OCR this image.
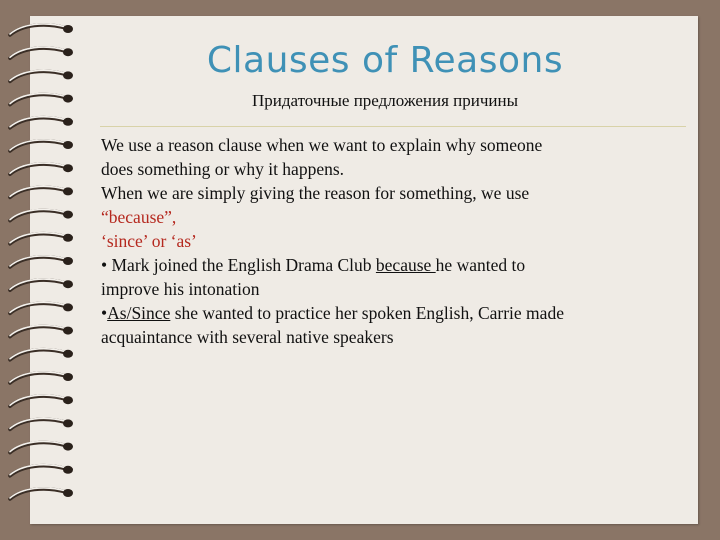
Clauses of Reasons
Придаточные предложения причины

We use a reason clause when we want to explain why someone

does something or why it happens.

When we are simply giving the reason for something, we use

“because”,

‘since’ or ‘as’

• Mark joined the English Drama Club because he wanted to

improve his intonation

•As/Since she wanted to practice her spoken English, Carrie made

acquaintance with several native speakers
